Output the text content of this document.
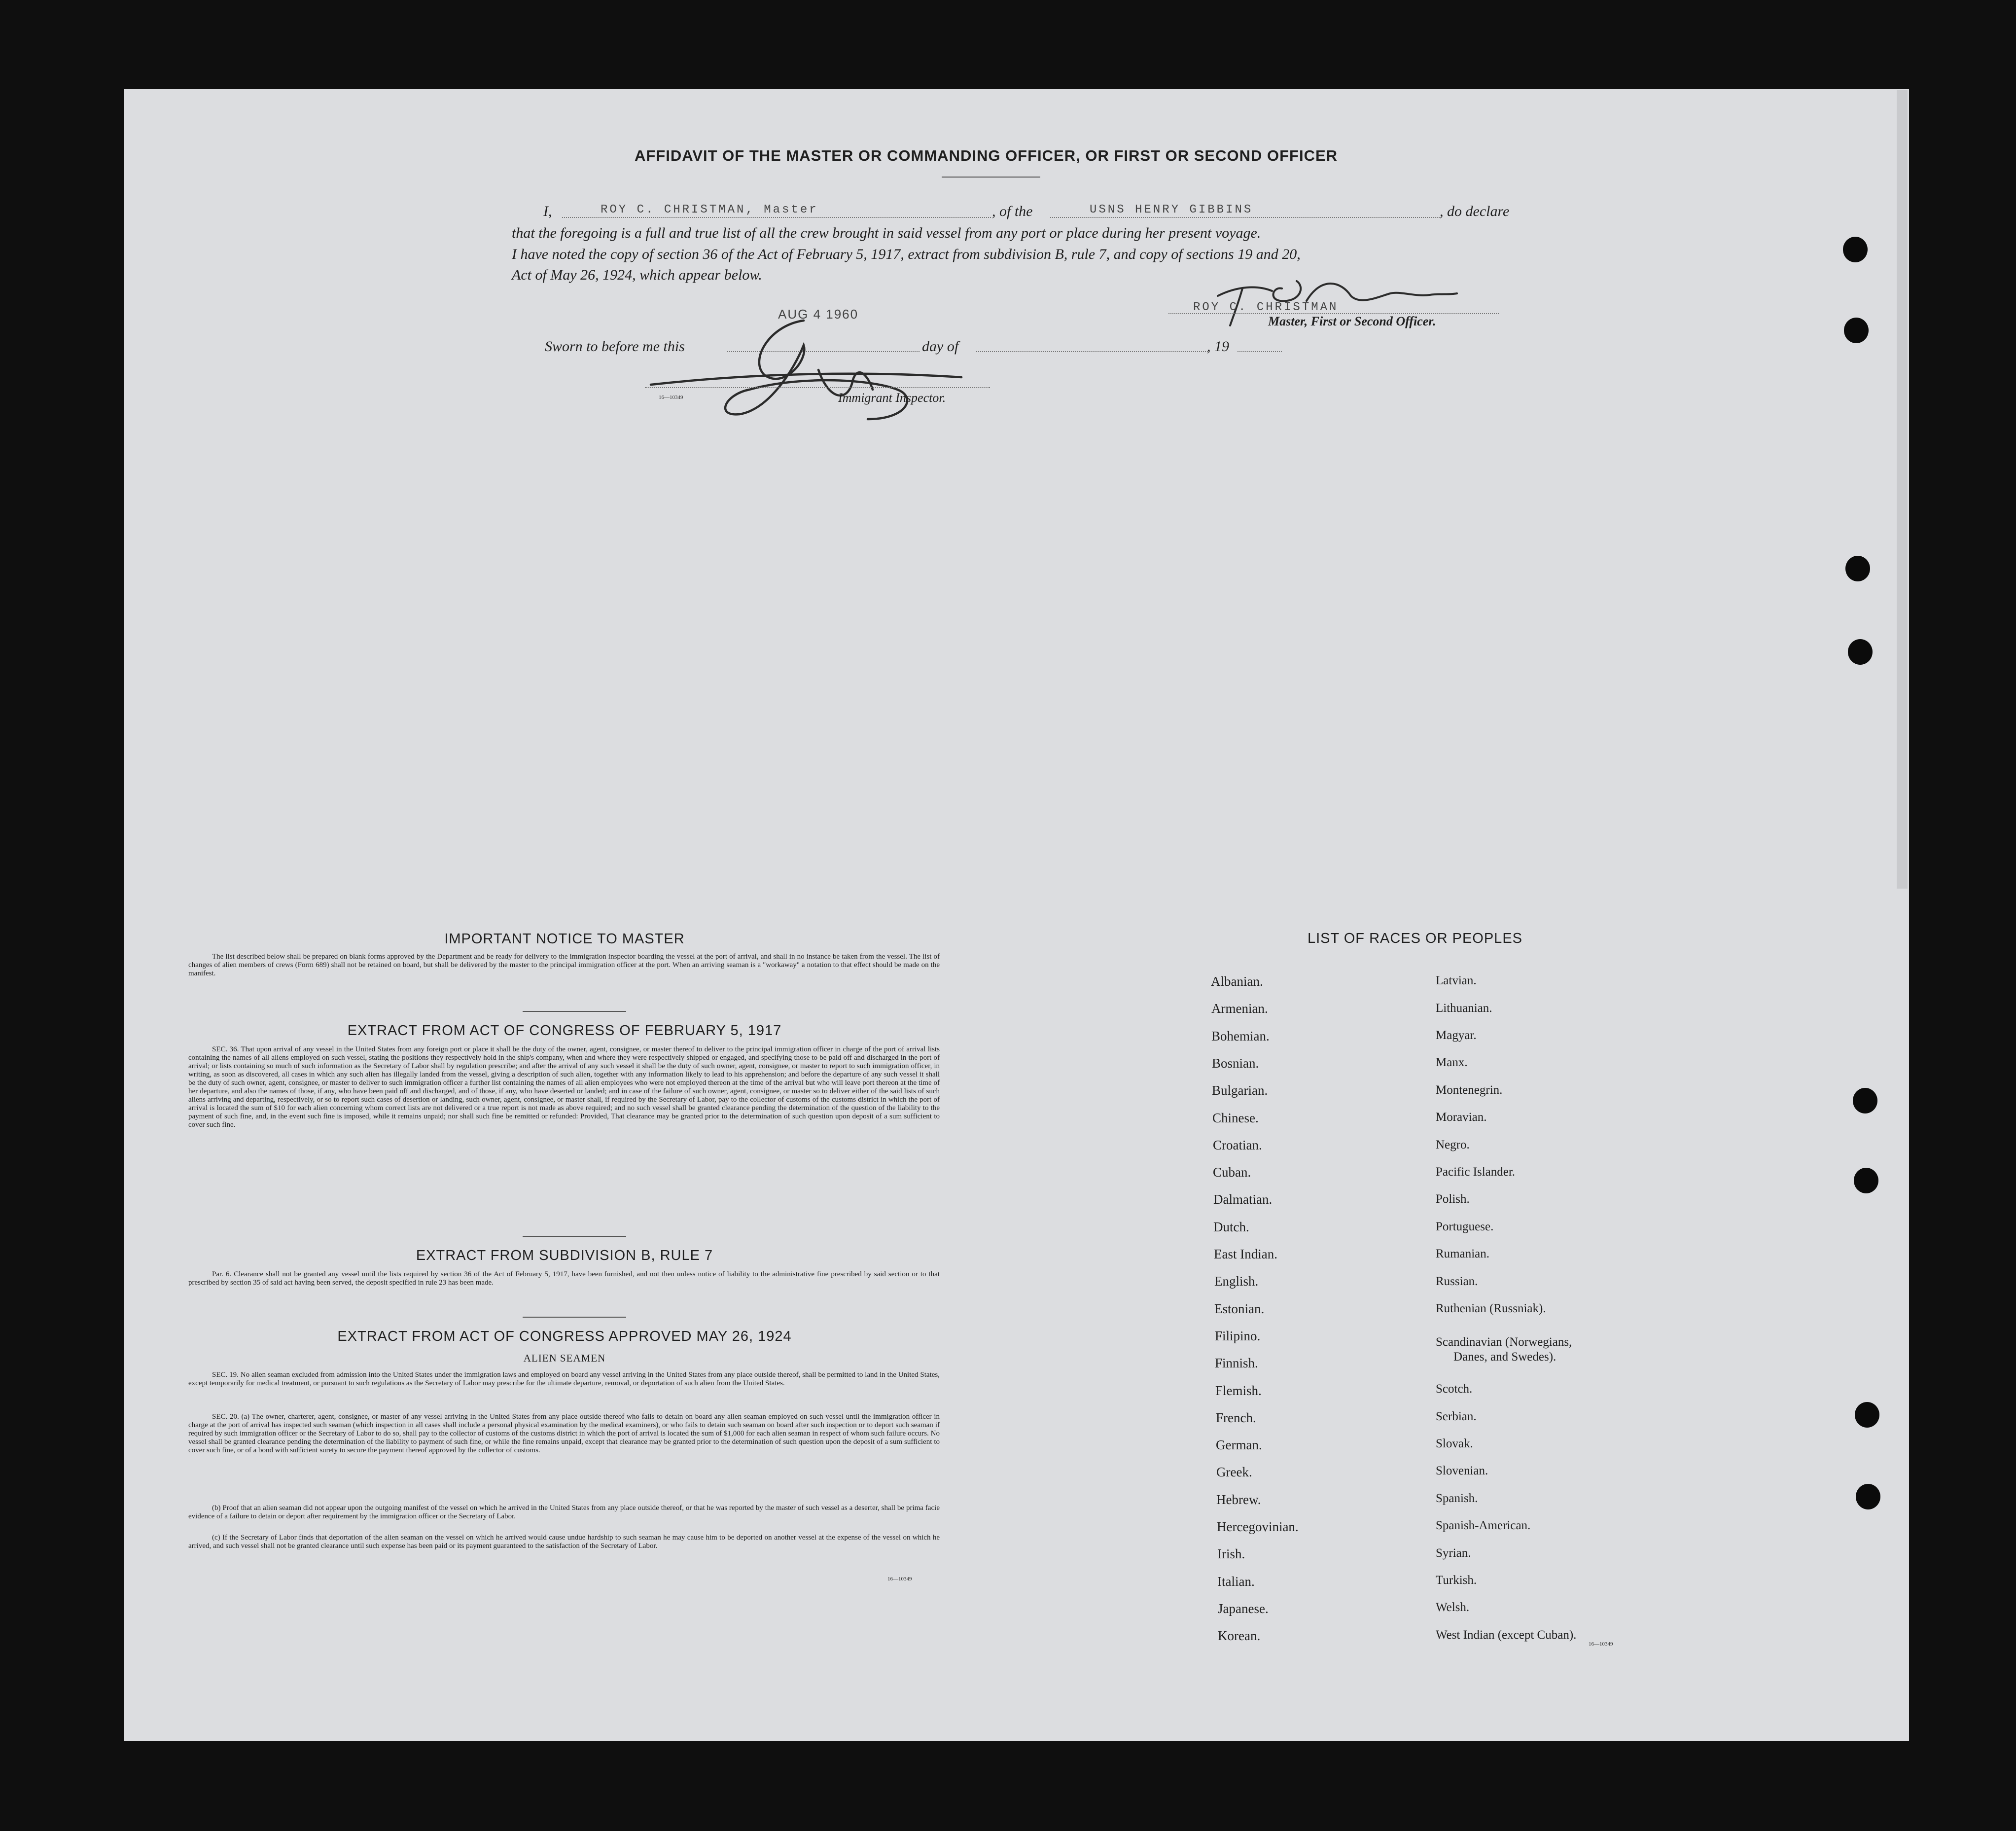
AFFIDAVIT OF THE MASTER OR COMMANDING OFFICER, OR FIRST OR SECOND OFFICER
I,	ROY C. CHRISTMAN, Master	, of the	USNS HENRY GIBBINS	, do declare
that the foregoing is a full and true list of all the crew brought in said vessel from any port or place during her present voyage.
I have noted the copy of section 36 of the Act of February 5, 1917, extract from subdivision B, rule 7, and copy of sections 19 and 20,
Act of May 26, 1924, which appear below.
AUG 4 1960	ROY C. CHRISTMAN
Master, First or Second Officer.
Sworn to before me this	day of	, 19
16—10349	Immigrant Inspector.
IMPORTANT NOTICE TO MASTER
The list described below shall be prepared on blank forms approved by the Department and be ready for delivery to the immigration inspector boarding the vessel at the port of arrival, and shall in no instance be taken from the vessel. The list of changes of alien members of crews (Form 689) shall not be retained on board, but shall be delivered by the master to the principal immigration officer at the port. When an arriving seaman is a "workaway" a notation to that effect should be made on the manifest.
EXTRACT FROM ACT OF CONGRESS OF FEBRUARY 5, 1917
SEC. 36. That upon arrival of any vessel in the United States from any foreign port or place it shall be the duty of the owner, agent, consignee, or master thereof to deliver to the principal immigration officer in charge of the port of arrival lists containing the names of all aliens employed on such vessel, stating the positions they respectively hold in the ship's company, when and where they were respectively shipped or engaged, and specifying those to be paid off and discharged in the port of arrival; or lists containing so much of such information as the Secretary of Labor shall by regulation prescribe; and after the arrival of any such vessel it shall be the duty of such owner, agent, consignee, or master to report to such immigration officer, in writing, as soon as discovered, all cases in which any such alien has illegally landed from the vessel, giving a description of such alien, together with any information likely to lead to his apprehension; and before the departure of any such vessel it shall be the duty of such owner, agent, consignee, or master to deliver to such immigration officer a further list containing the names of all alien employees who were not employed thereon at the time of the arrival but who will leave port thereon at the time of her departure, and also the names of those, if any, who have been paid off and discharged, and of those, if any, who have deserted or landed; and in case of the failure of such owner, agent, consignee, or master so to deliver either of the said lists of such aliens arriving and departing, respectively, or so to report such cases of desertion or landing, such owner, agent, consignee, or master shall, if required by the Secretary of Labor, pay to the collector of customs of the customs district in which the port of arrival is located the sum of $10 for each alien concerning whom correct lists are not delivered or a true report is not made as above required; and no such vessel shall be granted clearance pending the determination of the question of the liability to the payment of such fine, and, in the event such fine is imposed, while it remains unpaid; nor shall such fine be remitted or refunded: Provided, That clearance may be granted prior to the determination of such question upon deposit of a sum sufficient to cover such fine.
EXTRACT FROM SUBDIVISION B, RULE 7
Par. 6. Clearance shall not be granted any vessel until the lists required by section 36 of the Act of February 5, 1917, have been furnished, and not then unless notice of liability to the administrative fine prescribed by said section or to that prescribed by section 35 of said act having been served, the deposit specified in rule 23 has been made.
EXTRACT FROM ACT OF CONGRESS APPROVED MAY 26, 1924
ALIEN SEAMEN
SEC. 19. No alien seaman excluded from admission into the United States under the immigration laws and employed on board any vessel arriving in the United States from any place outside thereof, shall be permitted to land in the United States, except temporarily for medical treatment, or pursuant to such regulations as the Secretary of Labor may prescribe for the ultimate departure, removal, or deportation of such alien from the United States.
SEC. 20. (a) The owner, charterer, agent, consignee, or master of any vessel arriving in the United States from any place outside thereof who fails to detain on board any alien seaman employed on such vessel until the immigration officer in charge at the port of arrival has inspected such seaman (which inspection in all cases shall include a personal physical examination by the medical examiners), or who fails to detain such seaman on board after such inspection or to deport such seaman if required by such immigration officer or the Secretary of Labor to do so, shall pay to the collector of customs of the customs district in which the port of arrival is located the sum of $1,000 for each alien seaman in respect of whom such failure occurs. No vessel shall be granted clearance pending the determination of the liability to payment of such fine, or while the fine remains unpaid, except that clearance may be granted prior to the determination of such question upon the deposit of a sum sufficient to cover such fine, or of a bond with sufficient surety to secure the payment thereof approved by the collector of customs.
(b) Proof that an alien seaman did not appear upon the outgoing manifest of the vessel on which he arrived in the United States from any place outside thereof, or that he was reported by the master of such vessel as a deserter, shall be prima facie evidence of a failure to detain or deport after requirement by the immigration officer or the Secretary of Labor.
(c) If the Secretary of Labor finds that deportation of the alien seaman on the vessel on which he arrived would cause undue hardship to such seaman he may cause him to be deported on another vessel at the expense of the vessel on which he arrived, and such vessel shall not be granted clearance until such expense has been paid or its payment guaranteed to the satisfaction of the Secretary of Labor.
16—10349
LIST OF RACES OR PEOPLES
Albanian.
Armenian.
Bohemian.
Bosnian.
Bulgarian.
Chinese.
Croatian.
Cuban.
Dalmatian.
Dutch.
East Indian.
English.
Estonian.
Filipino.
Finnish.
Flemish.
French.
German.
Greek.
Hebrew.
Hercegovinian.
Irish.
Italian.
Japanese.
Korean.
Latvian.
Lithuanian.
Magyar.
Manx.
Montenegrin.
Moravian.
Negro.
Pacific Islander.
Polish.
Portuguese.
Rumanian.
Russian.
Ruthenian (Russniak).
Scandinavian (Norwegians,
Danes, and Swedes).
Scotch.
Serbian.
Slovak.
Slovenian.
Spanish.
Spanish-American.
Syrian.
Turkish.
Welsh.
West Indian (except Cuban).
16—10349
